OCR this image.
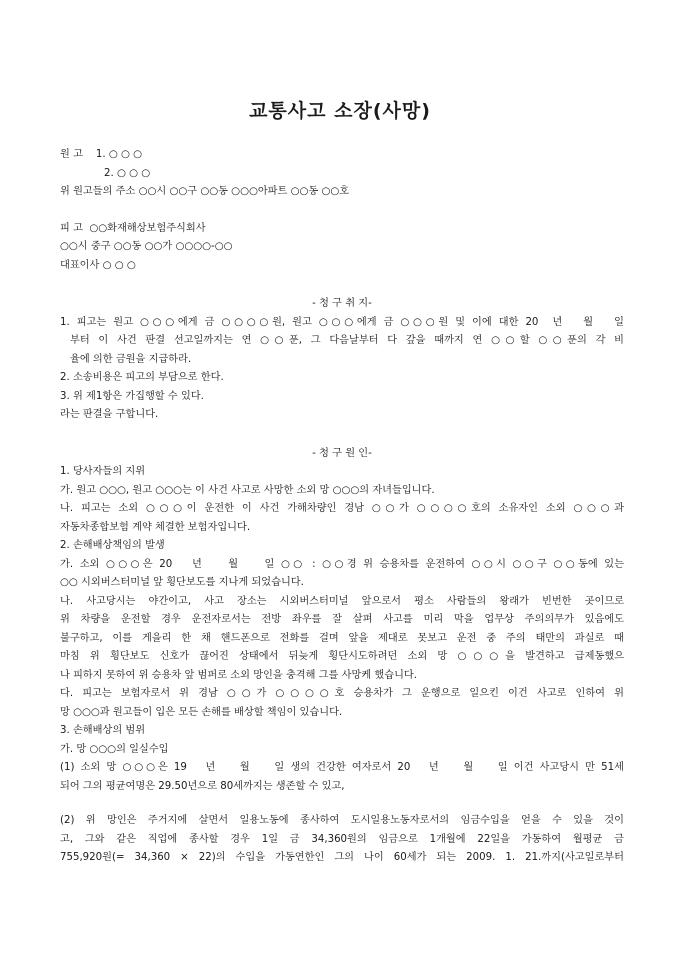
교통사고 소장(사망)
원 고    1. ○ ○ ○
2. ○ ○ ○
위 원고들의 주소 ○○시 ○○구 ○○동 ○○○아파트 ○○동 ○○호
피 고  ○○화재해상보험주식회사
○○시 중구 ○○동 ○○가 ○○○○-○○
대표이사 ○ ○ ○
- 청 구 취 지-
1. 피고는 원고 ○○○에게 금 ○○○○원, 원고 ○○○에게 금 ○○○원 및 이에 대한 20  년   월   일
부터 이 사건 판결 선고일까지는 연 ○○푼, 그 다음날부터 다 갚을 때까지 연 ○○할 ○○푼의 각 비
율에 의한 금원을 지급하라.
2. 소송비용은 피고의 부담으로 한다.
3. 위 제1항은 가집행할 수 있다.
라는 판결을 구합니다.
- 청 구 원 인-
1. 당사자들의 지위
가. 원고 ○○○, 원고 ○○○는 이 사건 사고로 사망한 소외 망 ○○○의 자녀들입니다.
나. 피고는 소외 ○○○이 운전한 이 사건 가해차량인 경남 ○○가 ○○○○호의 소유자인 소외 ○○○과
자동차종합보험 계약 체결한 보험자입니다.
2. 손해배상책임의 발생
가. 소외 ○○○은 20   년    월    일 ○○ : ○○경 위 승용차를 운전하여 ○○시 ○○구 ○○동에 있는
○○ 시외버스터미널 앞 횡단보도를 지나게 되었습니다.
나. 사고당시는 야간이고, 사고 장소는 시외버스터미널 앞으로서 평소 사람들의 왕래가 빈번한 곳이므로
위 차량을 운전할 경우 운전자로서는 전방 좌우를 잘 살펴 사고를 미리 막을 업무상 주의의무가 있음에도
불구하고, 이를 게을리 한 채 핸드폰으로 전화를 걸며 앞을 제대로 못보고 운전 중 주의 태만의 과실로 때
마침 위 횡단보도 신호가 끊어진 상태에서 뒤늦게 횡단시도하려던 소외 망 ○○○을 발견하고 급제동했으
나 피하지 못하여 위 승용차 앞 범퍼로 소외 망인을 충격해 그를 사망케 했습니다.
다. 피고는 보험자로서 위 경남 ○○가 ○○○○호 승용차가 그 운행으로 일으킨 이건 사고로 인하여 위
망 ○○○과 원고들이 입은 모든 손해를 배상할 책임이 있습니다.
3. 손해배상의 범위
가. 망 ○○○의 일실수입
(1) 소외 망 ○○○은 19   년    월    일 생의 건강한 여자로서 20   년    월    일 이건 사고당시 만 51세
되어 그의 평균여명은 29.50년으로 80세까지는 생존할 수 있고,
(2) 위 망인은 주거지에 살면서 일용노동에 종사하여 도시일용노동자로서의 임금수입을 얻을 수 있을 것이
고, 그와 같은 직업에 종사할 경우 1일 금 34,360원의 임금으로 1개월에 22일을 가동하여 월평균 금
755,920원(= 34,360 × 22)의 수입을 가동연한인 그의 나이 60세가 되는 2009. 1. 21.까지(사고일로부터
